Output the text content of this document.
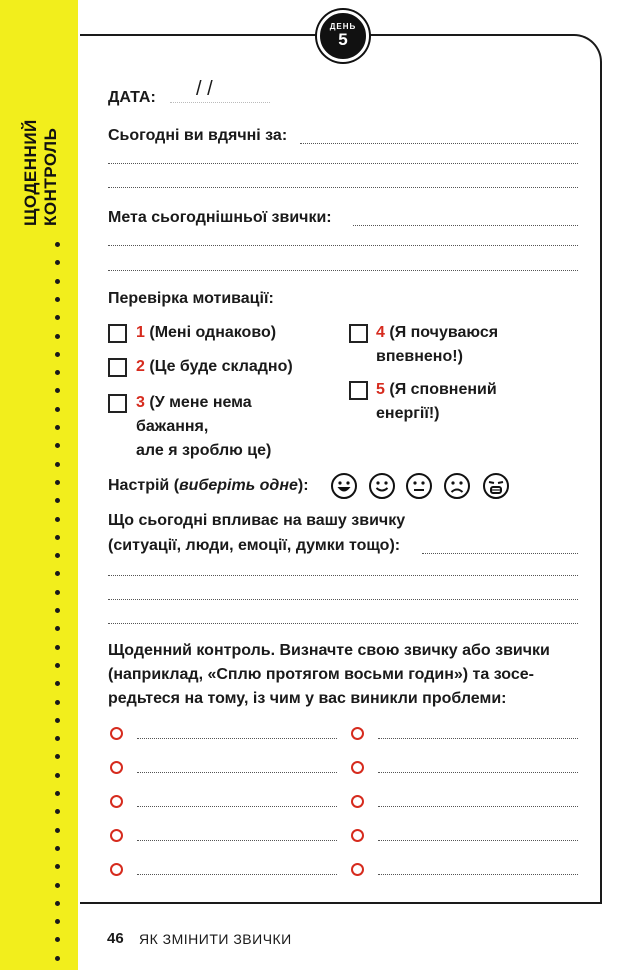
ЩОДЕННИЙ КОНТРОЛЬ
ДЕНЬ
5
ДАТА: / /
Сьогодні ви вдячні за:
Мета сьогоднішньої звички:
Перевірка мотивації:
1 (Мені однаково)
2 (Це буде складно)
3 (У мене нема
бажання,
але я зроблю це)
4 (Я почуваюся
впевнено!)
5 (Я сповнений
енергії!)
Настрій (виберіть одне):
Що сьогодні впливає на вашу звичку
(ситуації, люди, емоції, думки тощо):
Щоденний контроль. Визначте свою звичку або звички
(наприклад, «Сплю протягом восьми годин») та зосе-
редьтеся на тому, із чим у вас виникли проблеми:
46 ЯК ЗМІНИТИ ЗВИЧКИ
